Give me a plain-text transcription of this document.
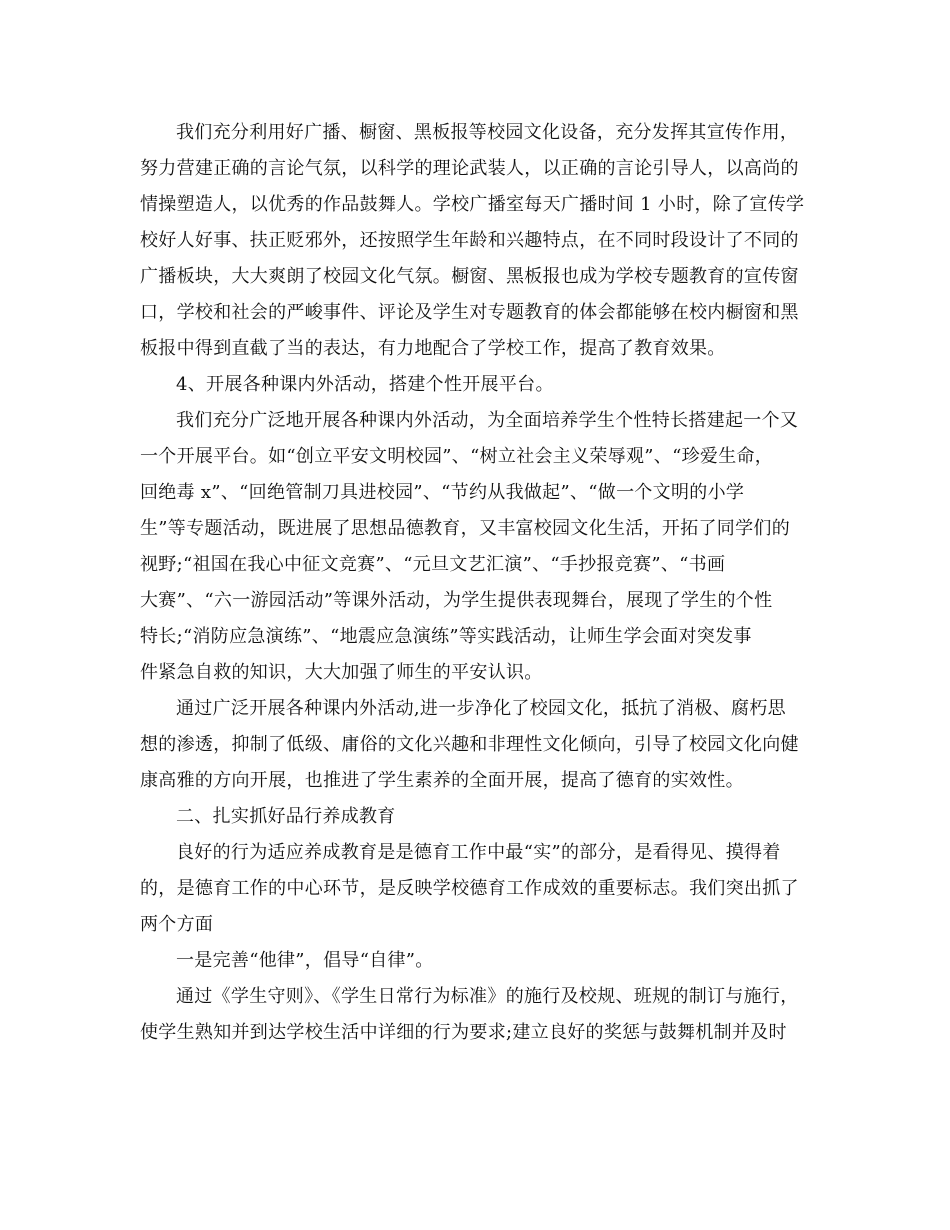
我们充分利用好广播、橱窗、黑板报等校园文化设备，充分发挥其宣传作用，

努力营建正确的言论气氛，以科学的理论武装人，以正确的言论引导人，以高尚的

情操塑造人，以优秀的作品鼓舞人。学校广播室每天广播时间 1 小时，除了宣传学

校好人好事、扶正贬邪外，还按照学生年龄和兴趣特点，在不同时段设计了不同的

广播板块，大大爽朗了校园文化气氛。橱窗、黑板报也成为学校专题教育的宣传窗

口，学校和社会的严峻事件、评论及学生对专题教育的体会都能够在校内橱窗和黑

板报中得到直截了当的表达，有力地配合了学校工作，提高了教育效果。

4、开展各种课内外活动，搭建个性开展平台。

我们充分广泛地开展各种课内外活动，为全面培养学生个性特长搭建起一个又

一个开展平台。如“创立平安文明校园”、“树立社会主义荣辱观”、“珍爱生命，

回绝毒 x”、“回绝管制刀具进校园”、“节约从我做起”、“做一个文明的小学

生”等专题活动，既进展了思想品德教育，又丰富校园文化生活，开拓了同学们的

视野;“祖国在我心中征文竞赛”、“元旦文艺汇演”、“手抄报竞赛”、“书画

大赛”、“六一游园活动”等课外活动，为学生提供表现舞台，展现了学生的个性

特长;“消防应急演练”、“地震应急演练”等实践活动，让师生学会面对突发事

件紧急自救的知识，大大加强了师生的平安认识。

通过广泛开展各种课内外活动,进一步净化了校园文化，抵抗了消极、腐朽思

想的渗透，抑制了低级、庸俗的文化兴趣和非理性文化倾向，引导了校园文化向健

康高雅的方向开展，也推进了学生素养的全面开展，提高了德育的实效性。

二、扎实抓好品行养成教育

良好的行为适应养成教育是是德育工作中最“实”的部分，是看得见、摸得着

的，是德育工作的中心环节，是反映学校德育工作成效的重要标志。我们突出抓了

两个方面

一是完善“他律”，倡导“自律”。

通过《学生守则》、《学生日常行为标准》的施行及校规、班规的制订与施行，

使学生熟知并到达学校生活中详细的行为要求;建立良好的奖惩与鼓舞机制并及时
